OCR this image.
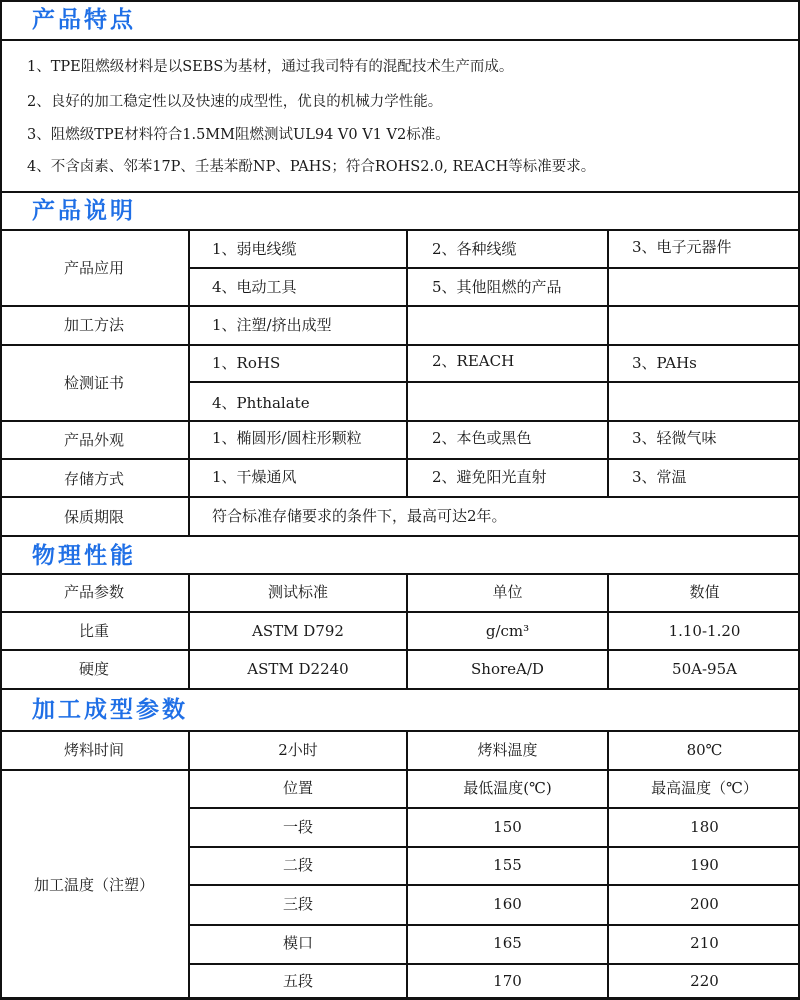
产品特点
1、TPE阻燃级材料是以SEBS为基材，通过我司特有的混配技术生产而成。
2、良好的加工稳定性以及快速的成型性，优良的机械力学性能。
3、阻燃级TPE材料符合1.5MM阻燃测试UL94 V0 V1 V2标准。
4、不含卤素、邻苯17P、壬基苯酚NP、PAHS；符合ROHS2.0, REACH等标准要求。
产品说明
产品应用
1、弱电线缆	2、各种线缆	3、电子元器件
4、电动工具	5、其他阻燃的产品
加工方法	1、注塑/挤出成型
检测证书
1、RoHS	2、REACH	3、PAHs
4、Phthalate
产品外观	1、椭圆形/圆柱形颗粒	2、本色或黑色	3、轻微气味
存储方式	1、干燥通风	2、避免阳光直射	3、常温
保质期限	符合标准存储要求的条件下，最高可达2年。
物理性能
产品参数	测试标准	单位	数值
比重	ASTM D792	g/cm³	1.10-1.20
硬度	ASTM D2240	ShoreA/D	50A-95A
加工成型参数
烤料时间	2小时	烤料温度	80℃
加工温度（注塑）
位置	最低温度(℃)	最高温度（℃）
一段	150	180
二段	155	190
三段	160	200
模口	165	210
五段	170	220
